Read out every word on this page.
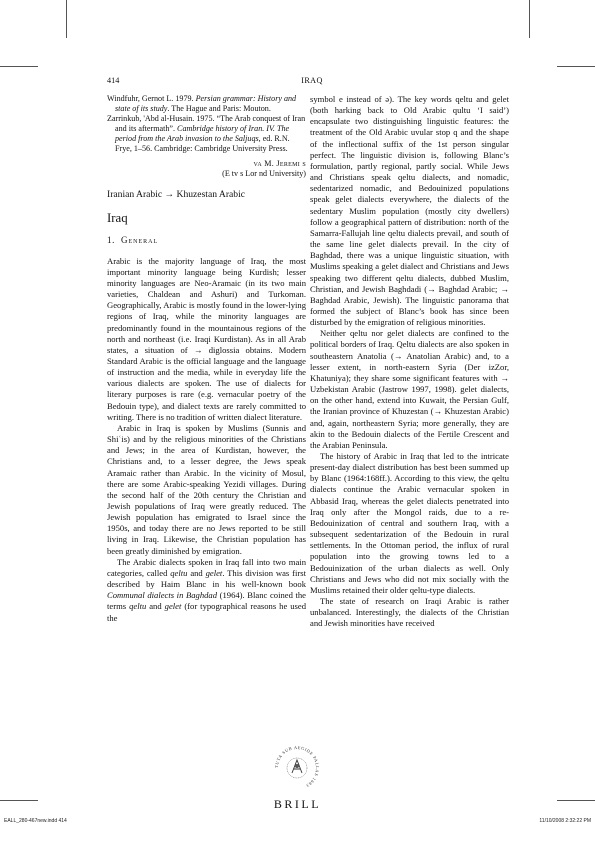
414	IRAQ

Windfuhr, Gernot L. 1979. Persian grammar: History and state of its study. The Hague and Paris: Mouton.

Zarrinkub, 'Abd al-Husain. 1975. “The Arab conquest of Iran and its aftermath”. Cambridge history of Iran. IV. The period from the Arab invasion to the Saljuqs, ed. R.N. Frye, 1–56. Cambridge: Cambridge University Press.

va M. Jeremi s
(E tv s Lor nd University)

Iranian Arabic → Khuzestan Arabic

Iraq
1. General

Arabic is the majority language of Iraq, the most important minority language being Kurdish; lesser minority languages are Neo-Aramaic (in its two main varieties, Chaldean and Ashuri) and Turkoman. Geographically, Arabic is mostly found in the lower-lying regions of Iraq, while the minority languages are predominantly found in the mountainous regions of the north and northeast (i.e. Iraqi Kurdistan). As in all Arab states, a situation of → diglossia obtains. Modern Standard Arabic is the official language and the language of instruction and the media, while in everyday life the various dialects are spoken. The use of dialects for literary purposes is rare (e.g. vernacular poetry of the Bedouin type), and dialect texts are rarely committed to writing. There is no tradition of written dialect literature.

Arabic in Iraq is spoken by Muslims (Sunnis and Shiʿis) and by the religious minorities of the Christians and Jews; in the area of Kurdistan, however, the Christians and, to a lesser degree, the Jews speak Aramaic rather than Arabic. In the vicinity of Mosul, there are some Arabic-speaking Yezidi villages. During the second half of the 20th century the Christian and Jewish populations of Iraq were greatly reduced. The Jewish population has emigrated to Israel since the 1950s, and today there are no Jews reported to be still living in Iraq. Likewise, the Christian population has been greatly diminished by emigration.

The Arabic dialects spoken in Iraq fall into two main categories, called qeltu and gelet. This division was first described by Haim Blanc in his well-known book Communal dialects in Baghdad (1964). Blanc coined the terms qeltu and gelet (for typographical reasons he used the

symbol e instead of ə). The key words qeltu and gelet (both harking back to Old Arabic qultu ‘I said’) encapsulate two distinguishing linguistic features: the treatment of the Old Arabic uvular stop q and the shape of the inflectional suffix of the 1st person singular perfect. The linguistic division is, following Blanc’s formulation, partly regional, partly social. While Jews and Christians speak qeltu dialects, and nomadic, sedentarized nomadic, and Bedouinized populations speak gelet dialects everywhere, the dialects of the sedentary Muslim population (mostly city dwellers) follow a geographical pattern of distribution: north of the Samarra-Fallujah line qeltu dialects prevail, and south of the same line gelet dialects prevail. In the city of Baghdad, there was a unique linguistic situation, with Muslims speaking a gelet dialect and Christians and Jews speaking two different qeltu dialects, dubbed Muslim, Christian, and Jewish Baghdadi (→ Baghdad Arabic; → Baghdad Arabic, Jewish). The linguistic panorama that formed the subject of Blanc’s book has since been disturbed by the emigration of religious minorities.

Neither qeltu nor gelet dialects are confined to the political borders of Iraq. Qeltu dialects are also spoken in southeastern Anatolia (→ Anatolian Arabic) and, to a lesser extent, in north-eastern Syria (Der izZor, Khatuniya); they share some significant features with → Uzbekistan Arabic (Jastrow 1997, 1998). gelet dialects, on the other hand, extend into Kuwait, the Persian Gulf, the Iranian province of Khuzestan (→ Khuzestan Arabic) and, again, northeastern Syria; more generally, they are akin to the Bedouin dialects of the Fertile Crescent and the Arabian Peninsula.

The history of Arabic in Iraq that led to the intricate present-day dialect distribution has best been summed up by Blanc (1964:168ff.). According to this view, the qeltu dialects continue the Arabic vernacular spoken in Abbasid Iraq, whereas the gelet dialects penetrated into Iraq only after the Mongol raids, due to a re-Bedouinization of central and southern Iraq, with a subsequent sedentarization of the Bedouin in rural settlements. In the Ottoman period, the influx of rural population into the growing towns led to a Bedouinization of the urban dialects as well. Only Christians and Jews who did not mix socially with the Muslims retained their older qeltu-type dialects.

The state of research on Iraqi Arabic is rather unbalanced. Interestingly, the dialects of the Christian and Jewish minorities have received

TUTA SUB AEGIDE PALLAS 1683
BRILL
EALL_280-467new.indd 414	11/10/2008 2:32:22 PM
